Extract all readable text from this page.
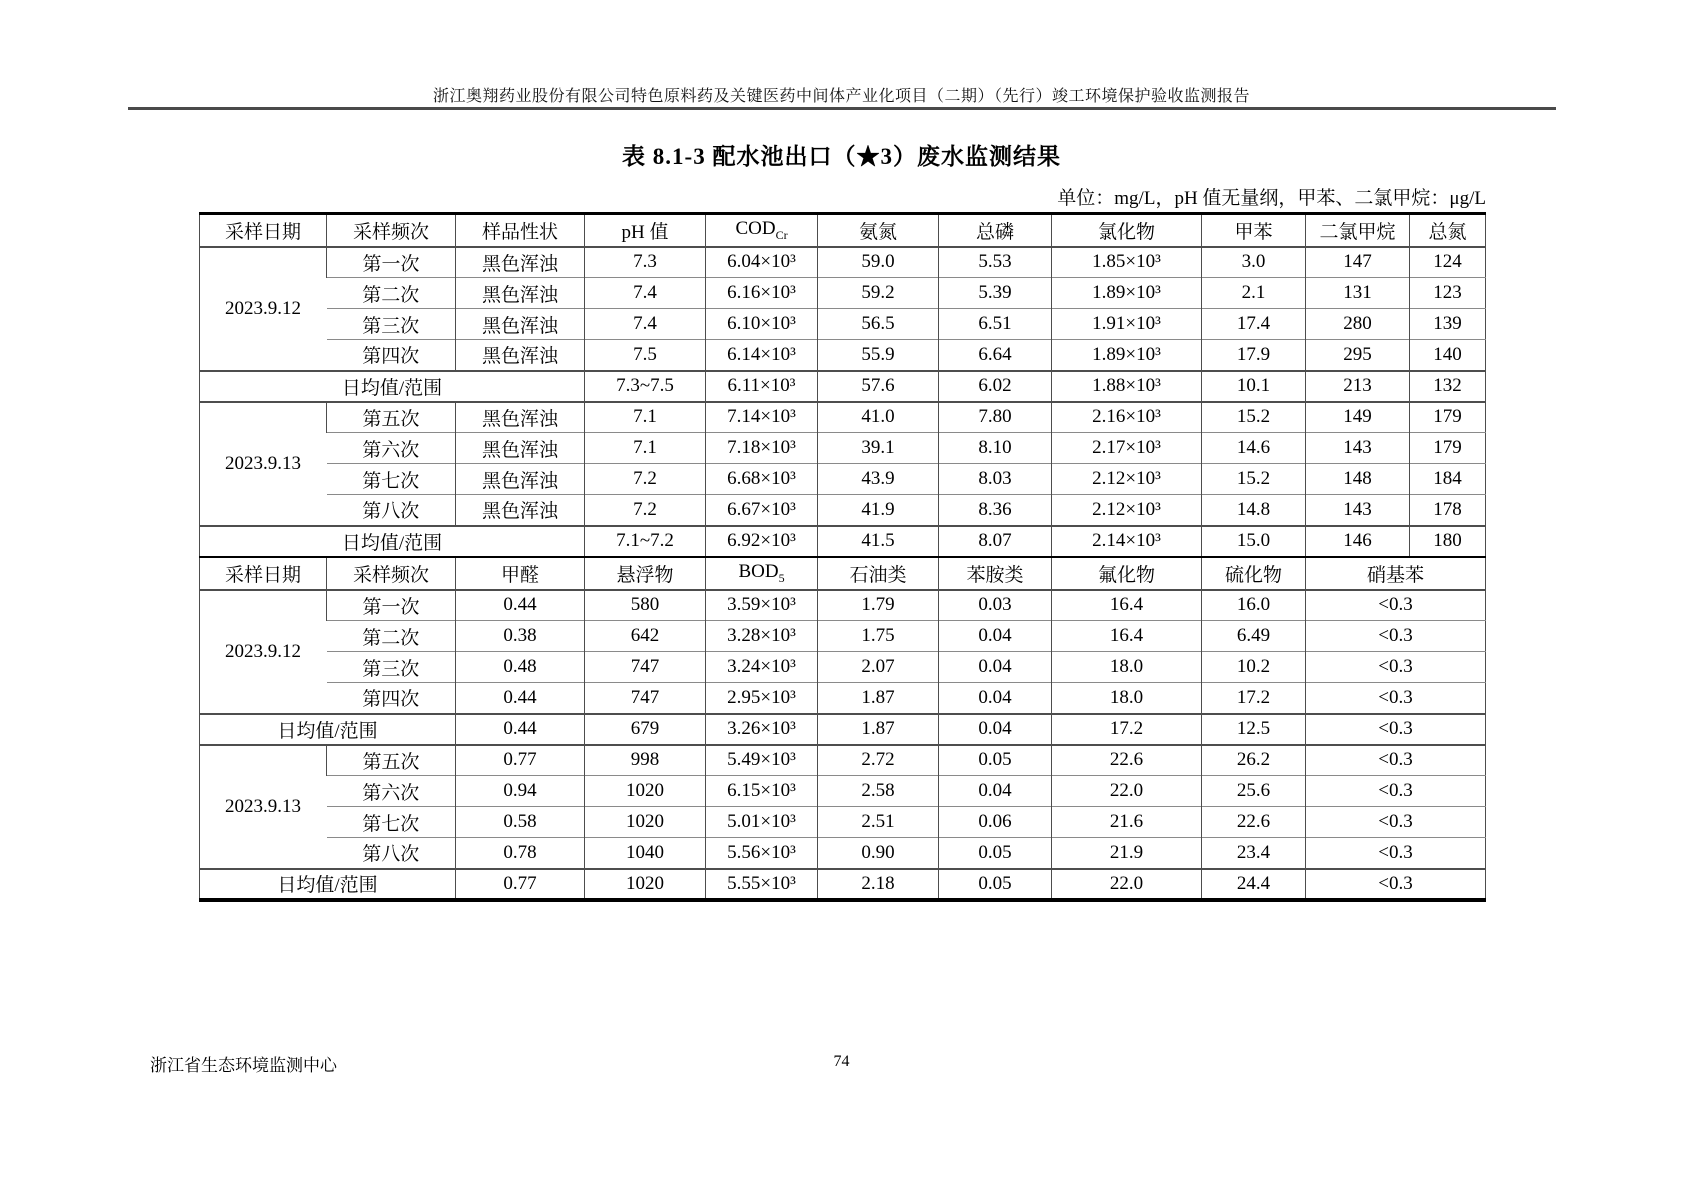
浙江奥翔药业股份有限公司特色原料药及关键医药中间体产业化项目（二期）（先行）竣工环境保护验收监测报告
表 8.1-3 配水池出口（★3）废水监测结果
单位：mg/L，pH 值无量纲，甲苯、二氯甲烷：μg/L
采样日期	采样频次	样品性状	pH 值	$COD_{Cr}$	氨氮	总磷	氯化物	甲苯	二氯甲烷	总氮
2023.9.12	第一次	黑色浑浊	7.3	6.04×10³	59.0	5.53	1.85×10³	3.0	147	124
	第二次	黑色浑浊	7.4	6.16×10³	59.2	5.39	1.89×10³	2.1	131	123
	第三次	黑色浑浊	7.4	6.10×10³	56.5	6.51	1.91×10³	17.4	280	139
	第四次	黑色浑浊	7.5	6.14×10³	55.9	6.64	1.89×10³	17.9	295	140
日均值/范围			7.3~7.5	6.11×10³	57.6	6.02	1.88×10³	10.1	213	132
2023.9.13	第五次	黑色浑浊	7.1	7.14×10³	41.0	7.80	2.16×10³	15.2	149	179
	第六次	黑色浑浊	7.1	7.18×10³	39.1	8.10	2.17×10³	14.6	143	179
	第七次	黑色浑浊	7.2	6.68×10³	43.9	8.03	2.12×10³	15.2	148	184
	第八次	黑色浑浊	7.2	6.67×10³	41.9	8.36	2.12×10³	14.8	143	178
日均值/范围			7.1~7.2	6.92×10³	41.5	8.07	2.14×10³	15.0	146	180
采样日期	采样频次	甲醛	悬浮物	$BOD_5$	石油类	苯胺类	氟化物	硫化物	硝基苯	
2023.9.12	第一次	0.44	580	3.59×10³	1.79	0.03	16.4	16.0	<0.3	
	第二次	0.38	642	3.28×10³	1.75	0.04	16.4	6.49	<0.3	
	第三次	0.48	747	3.24×10³	2.07	0.04	18.0	10.2	<0.3	
	第四次	0.44	747	2.95×10³	1.87	0.04	18.0	17.2	<0.3	
日均值/范围		0.44	679	3.26×10³	1.87	0.04	17.2	12.5	<0.3	
2023.9.13	第五次	0.77	998	5.49×10³	2.72	0.05	22.6	26.2	<0.3	
	第六次	0.94	1020	6.15×10³	2.58	0.04	22.0	25.6	<0.3	
	第七次	0.58	1020	5.01×10³	2.51	0.06	21.6	22.6	<0.3	
	第八次	0.78	1040	5.56×10³	0.90	0.05	21.9	23.4	<0.3	
日均值/范围		0.77	1020	5.55×10³	2.18	0.05	22.0	24.4	<0.3	
浙江省生态环境监测中心	74
